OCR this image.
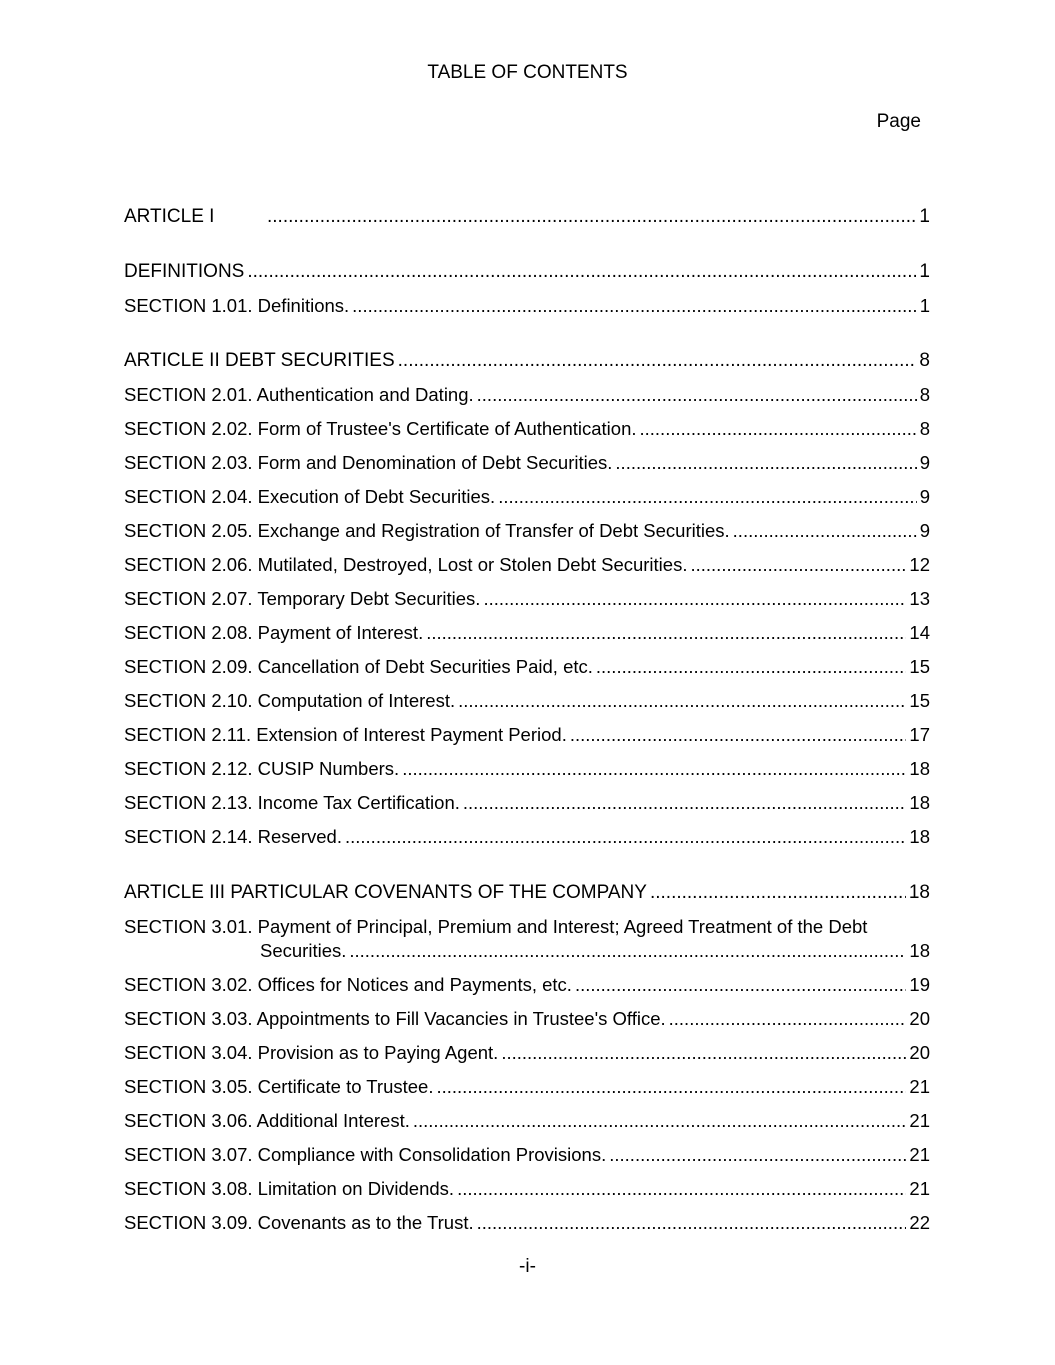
TABLE OF CONTENTS
Page
ARTICLE I .....	1
DEFINITIONS .....	1
SECTION 1.01. Definitions. .....	1
ARTICLE II DEBT SECURITIES .....	8
SECTION 2.01. Authentication and Dating. .....	8
SECTION 2.02. Form of Trustee's Certificate of Authentication. .....	8
SECTION 2.03. Form and Denomination of Debt Securities. .....	9
SECTION 2.04. Execution of Debt Securities. .....	9
SECTION 2.05. Exchange and Registration of Transfer of Debt Securities. .....	9
SECTION 2.06. Mutilated, Destroyed, Lost or Stolen Debt Securities. .....	12
SECTION 2.07. Temporary Debt Securities. .....	13
SECTION 2.08. Payment of Interest. .....	14
SECTION 2.09. Cancellation of Debt Securities Paid, etc. .....	15
SECTION 2.10. Computation of Interest. .....	15
SECTION 2.11. Extension of Interest Payment Period. .....	17
SECTION 2.12. CUSIP Numbers. .....	18
SECTION 2.13. Income Tax Certification. .....	18
SECTION 2.14. Reserved. .....	18
ARTICLE III PARTICULAR COVENANTS OF THE COMPANY .....	18
SECTION 3.01. Payment of Principal, Premium and Interest; Agreed Treatment of the Debt
Securities. .....	18
SECTION 3.02. Offices for Notices and Payments, etc. .....	19
SECTION 3.03. Appointments to Fill Vacancies in Trustee's Office. .....	20
SECTION 3.04. Provision as to Paying Agent. .....	20
SECTION 3.05. Certificate to Trustee. .....	21
SECTION 3.06. Additional Interest. .....	21
SECTION 3.07. Compliance with Consolidation Provisions. .....	21
SECTION 3.08. Limitation on Dividends. .....	21
SECTION 3.09. Covenants as to the Trust. .....	22
-i-
